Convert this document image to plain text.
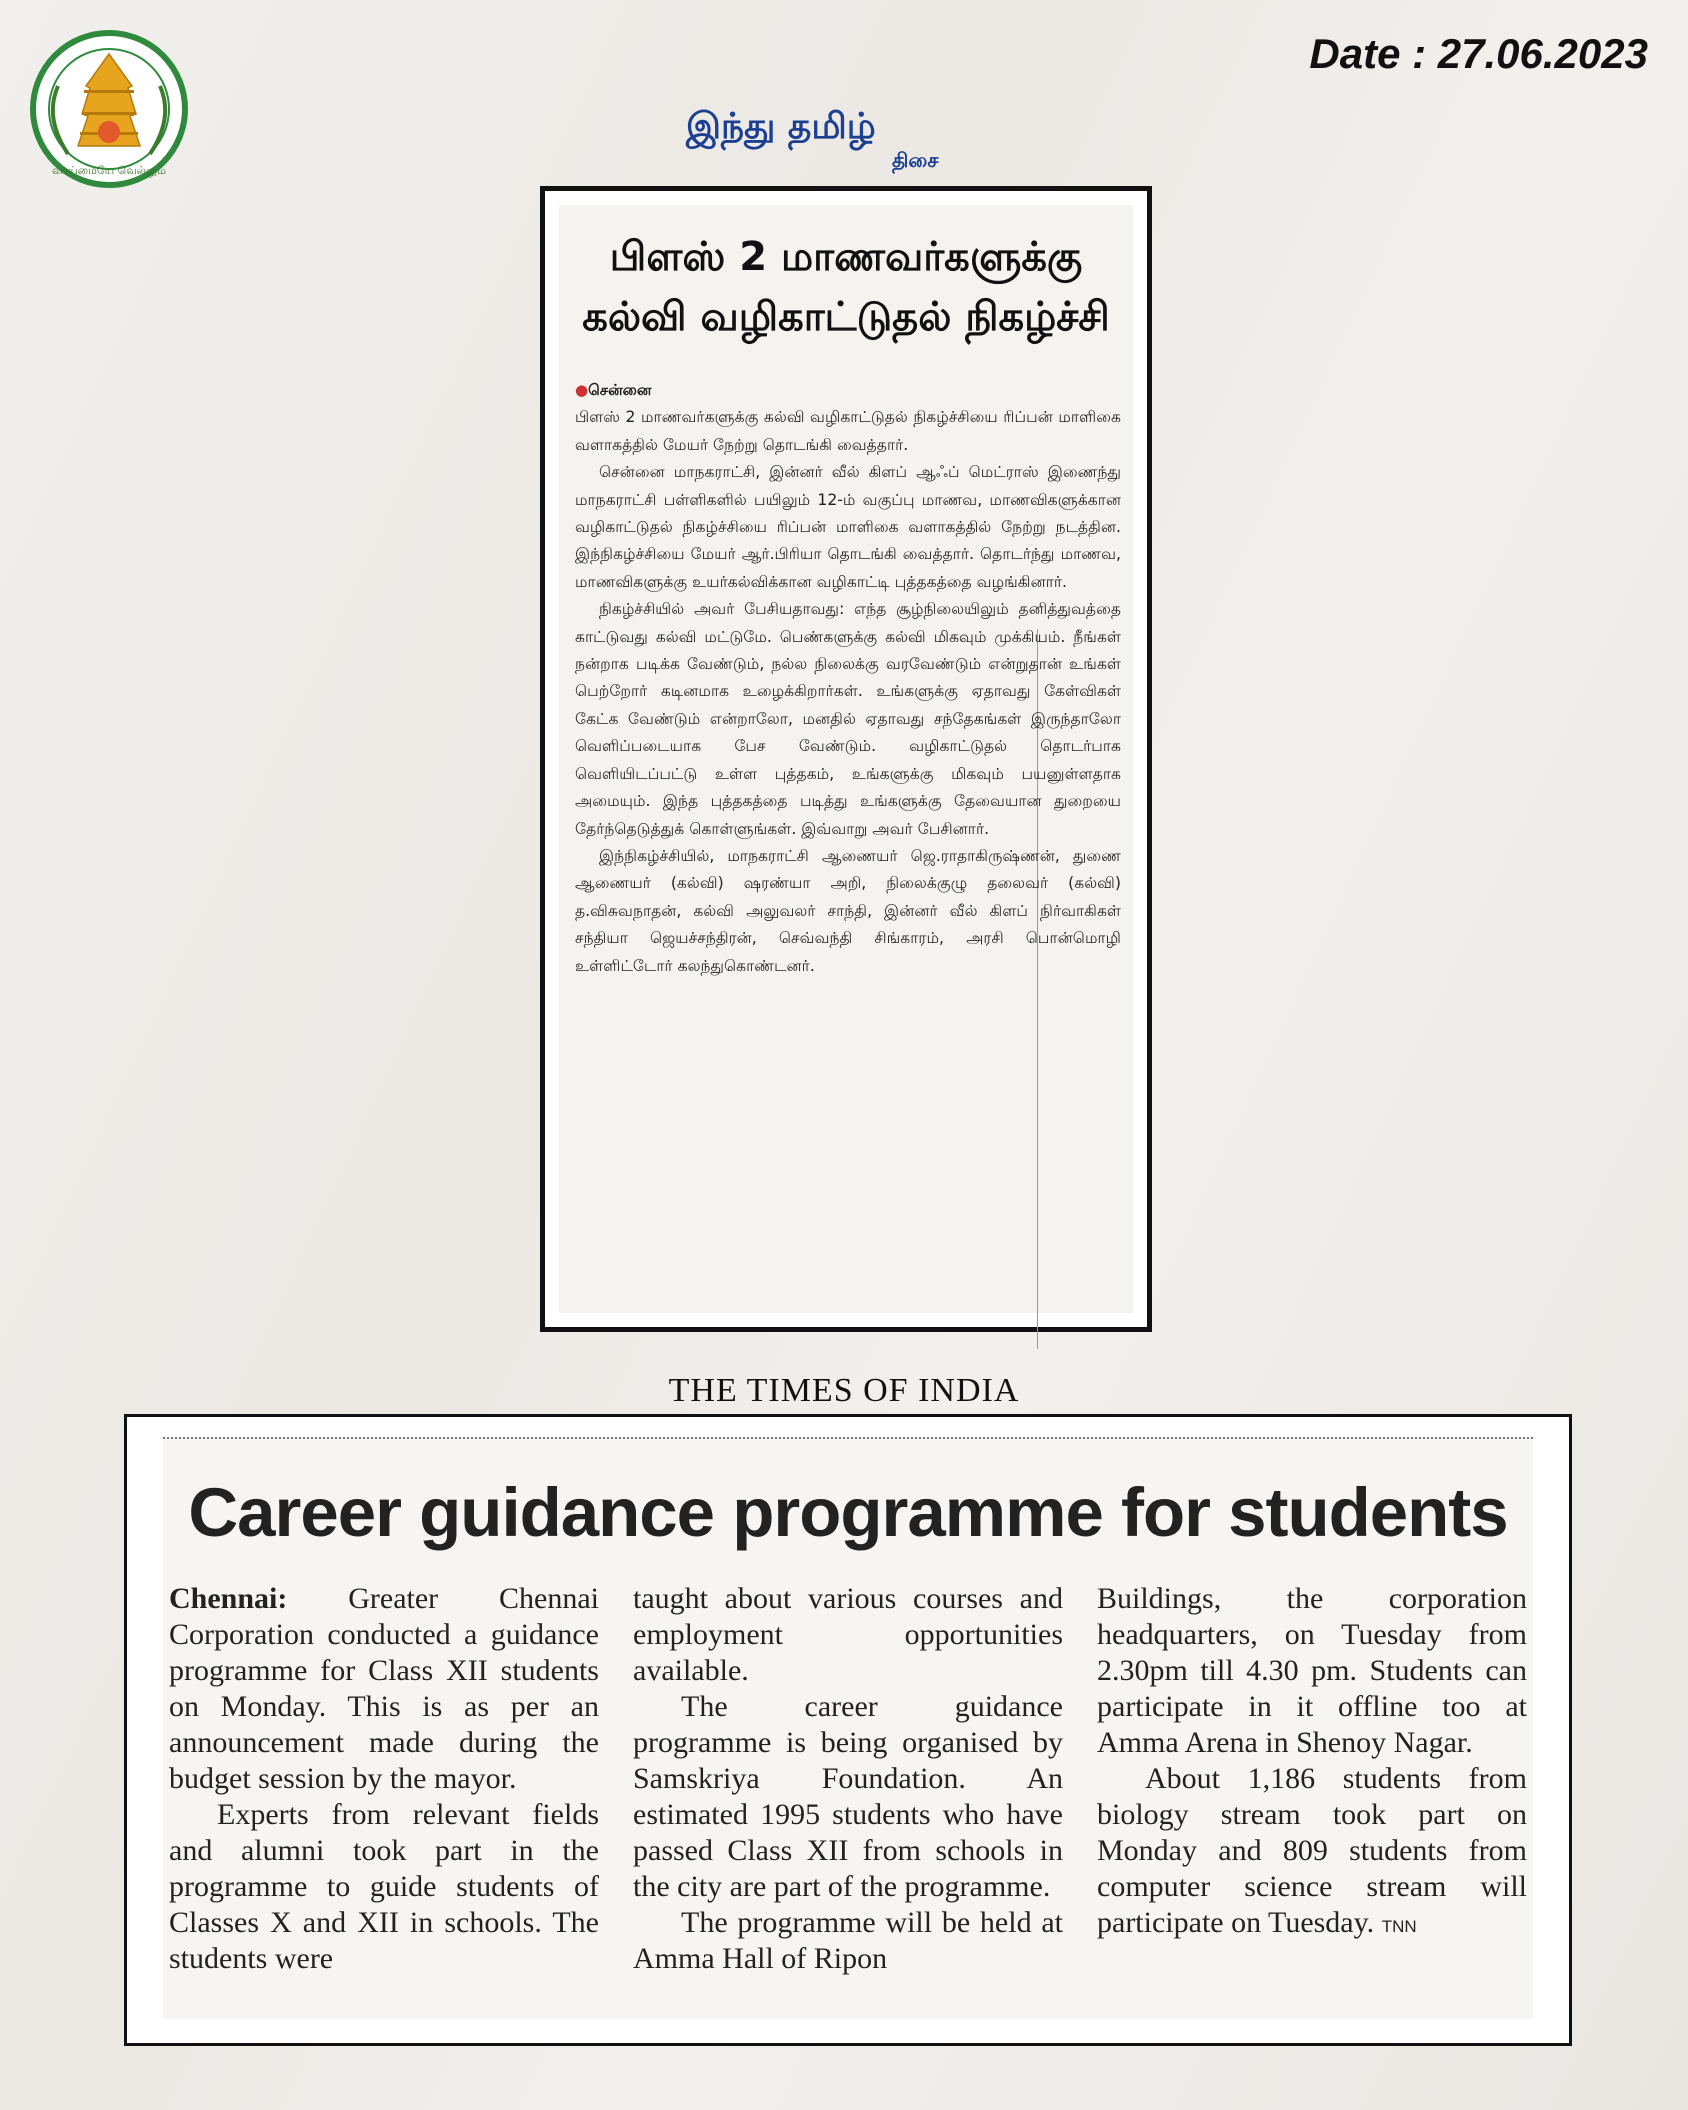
வாய்மையே வெல்லும்
Date : 27.06.2023
இந்து தமிழ்
திசை
பிளஸ் 2 மாணவர்களுக்கு
கல்வி வழிகாட்டுதல் நிகழ்ச்சி
●சென்னை

பிளஸ் 2 மாணவர்களுக்கு கல்வி வழிகாட்டுதல் நிகழ்ச்சியை ரிப்பன் மாளிகை வளாகத்தில் மேயர் நேற்று தொடங்கி வைத்தார்.

சென்னை மாநகராட்சி, இன்னர் வீல் கிளப் ஆஃப் மெட்ராஸ் இணைந்து மாநகராட்சி பள்ளிகளில் பயிலும் 12-ம் வகுப்பு மாணவ, மாணவிகளுக்கான வழிகாட்டுதல் நிகழ்ச்சியை ரிப்பன் மாளிகை வளாகத்தில் நேற்று நடத்தின. இந்நிகழ்ச்சியை மேயர் ஆர்.பிரியா தொடங்கி வைத்தார். தொடர்ந்து மாணவ, மாணவிகளுக்கு உயர்கல்விக்கான வழிகாட்டி புத்தகத்தை வழங்கினார்.

நிகழ்ச்சியில் அவர் பேசியதாவது: எந்த சூழ்நிலையிலும் தனித்துவத்தை காட்டுவது கல்வி மட்டுமே. பெண்களுக்கு கல்வி மிகவும் முக்கியம். நீங்கள் நன்றாக படிக்க வேண்டும், நல்ல நிலைக்கு வரவேண்டும் என்றுதான் உங்கள் பெற்றோர் கடினமாக உழைக்கிறார்கள். உங்களுக்கு ஏதாவது கேள்விகள் கேட்க வேண்டும் என்றாலோ, மனதில் ஏதாவது சந்தேகங்கள் இருந்தாலோ வெளிப்படையாக பேச வேண்டும். வழிகாட்டுதல் தொடர்பாக வெளியிடப்பட்டு உள்ள புத்தகம், உங்களுக்கு மிகவும் பயனுள்ளதாக அமையும். இந்த புத்தகத்தை படித்து உங்களுக்கு தேவையான துறையை தேர்ந்தெடுத்துக் கொள்ளுங்கள். இவ்வாறு அவர் பேசினார்.

இந்நிகழ்ச்சியில், மாநகராட்சி ஆணையர் ஜெ.ராதாகிருஷ்ணன், துணை ஆணையர் (கல்வி) ஷரண்யா அறி, நிலைக்குழு தலைவர் (கல்வி) த.விசுவநாதன், கல்வி அலுவலர் சாந்தி, இன்னர் வீல் கிளப் நிர்வாகிகள் சந்தியா ஜெயச்சந்திரன், செவ்வந்தி சிங்காரம், அரசி பொன்மொழி உள்ளிட்டோர் கலந்துகொண்டனர்.

THE TIMES OF INDIA
Career guidance programme for students

Chennai: Greater Chennai Corporation conducted a guidance programme for Class XII students on Monday. This is as per an announcement made during the budget session by the mayor.

Experts from relevant fields and alumni took part in the programme to guide students of Classes X and XII in schools. The students were

taught about various courses and employment opportunities available.

The career guidance programme is being organised by Samskriya Foundation. An estimated 1995 students who have passed Class XII from schools in the city are part of the programme.

The programme will be held at Amma Hall of Ripon

Buildings, the corporation headquarters, on Tuesday from 2.30pm till 4.30 pm. Students can participate in it offline too at Amma Arena in Shenoy Nagar.

About 1,186 students from biology stream took part on Monday and 809 students from computer science stream will participate on Tuesday. TNN
